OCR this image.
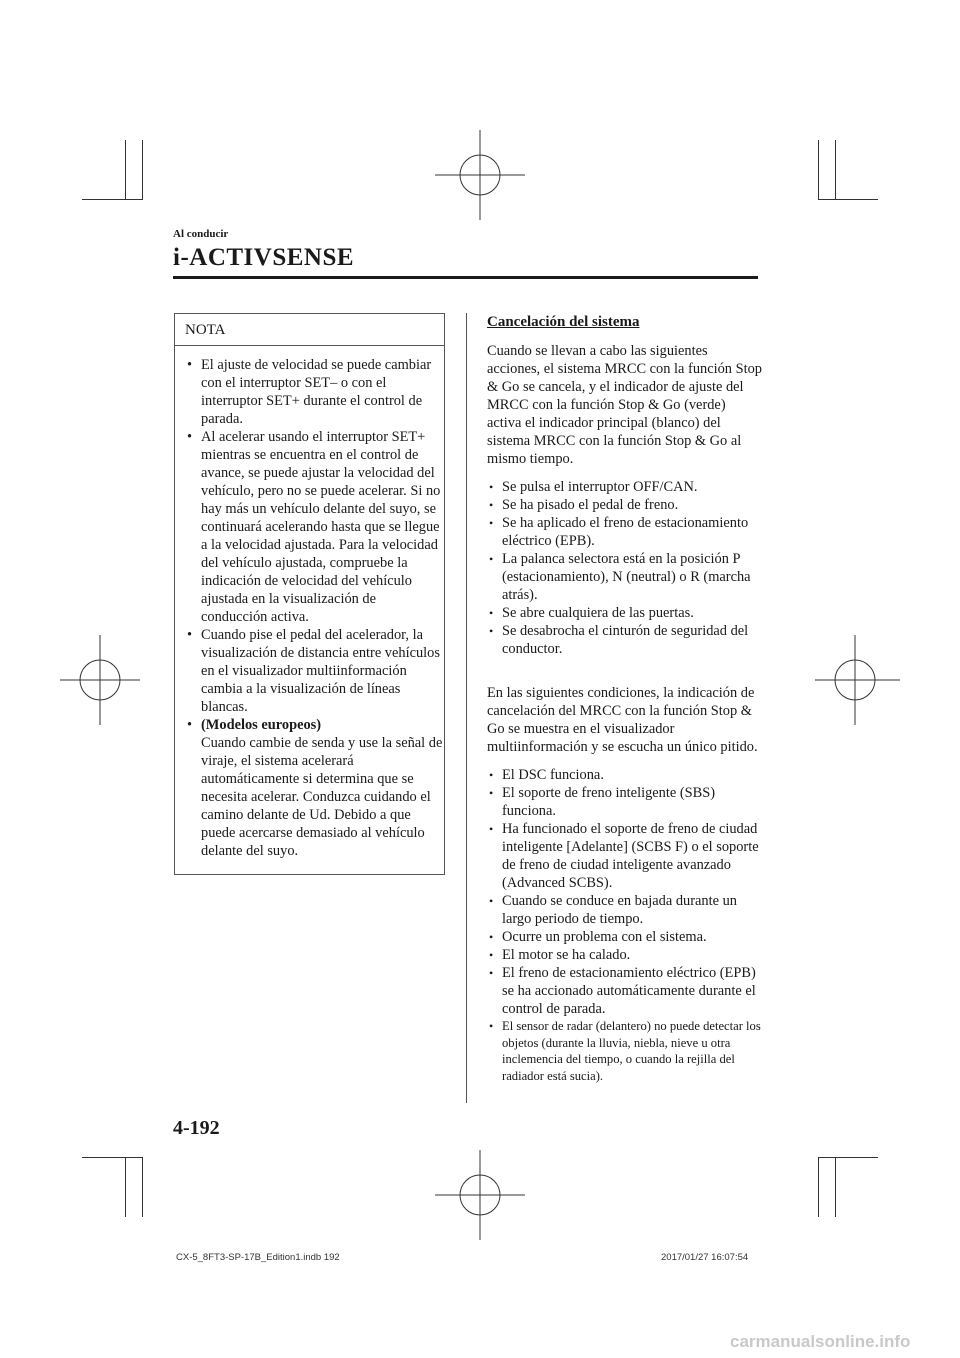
Al conducir
i-ACTIVSENSE
NOTA
• El ajuste de velocidad se puede cambiar con el interruptor SET– o con el interruptor SET+ durante el control de parada.
• Al acelerar usando el interruptor SET+ mientras se encuentra en el control de avance, se puede ajustar la velocidad del vehículo, pero no se puede acelerar. Si no hay más un vehículo delante del suyo, se continuará acelerando hasta que se llegue a la velocidad ajustada. Para la velocidad del vehículo ajustada, compruebe la indicación de velocidad del vehículo ajustada en la visualización de conducción activa.
• Cuando pise el pedal del acelerador, la visualización de distancia entre vehículos en el visualizador multiinformación cambia a la visualización de líneas blancas.
• (Modelos europeos)
Cuando cambie de senda y use la señal de viraje, el sistema acelerará automáticamente si determina que se necesita acelerar. Conduzca cuidando el camino delante de Ud. Debido a que puede acercarse demasiado al vehículo delante del suyo.
Cancelación del sistema

Cuando se llevan a cabo las siguientes acciones, el sistema MRCC con la función Stop & Go se cancela, y el indicador de ajuste del MRCC con la función Stop & Go (verde) activa el indicador principal (blanco) del sistema MRCC con la función Stop & Go al mismo tiempo.

• Se pulsa el interruptor OFF/CAN.
• Se ha pisado el pedal de freno.
• Se ha aplicado el freno de estacionamiento eléctrico (EPB).
• La palanca selectora está en la posición P (estacionamiento), N (neutral) o R (marcha atrás).
• Se abre cualquiera de las puertas.
• Se desabrocha el cinturón de seguridad del conductor.

En las siguientes condiciones, la indicación de cancelación del MRCC con la función Stop & Go se muestra en el visualizador multiinformación y se escucha un único pitido.

• El DSC funciona.
• El soporte de freno inteligente (SBS) funciona.
• Ha funcionado el soporte de freno de ciudad inteligente [Adelante] (SCBS F) o el soporte de freno de ciudad inteligente avanzado (Advanced SCBS).
• Cuando se conduce en bajada durante un largo periodo de tiempo.
• Ocurre un problema con el sistema.
• El motor se ha calado.
• El freno de estacionamiento eléctrico (EPB) se ha accionado automáticamente durante el control de parada.
• El sensor de radar (delantero) no puede detectar los objetos (durante la lluvia, niebla, nieve u otra inclemencia del tiempo, o cuando la rejilla del radiador está sucia).
4-192
CX-5_8FT3-SP-17B_Edition1.indb 192	2017/01/27 16:07:54
carmanualsonline.info
